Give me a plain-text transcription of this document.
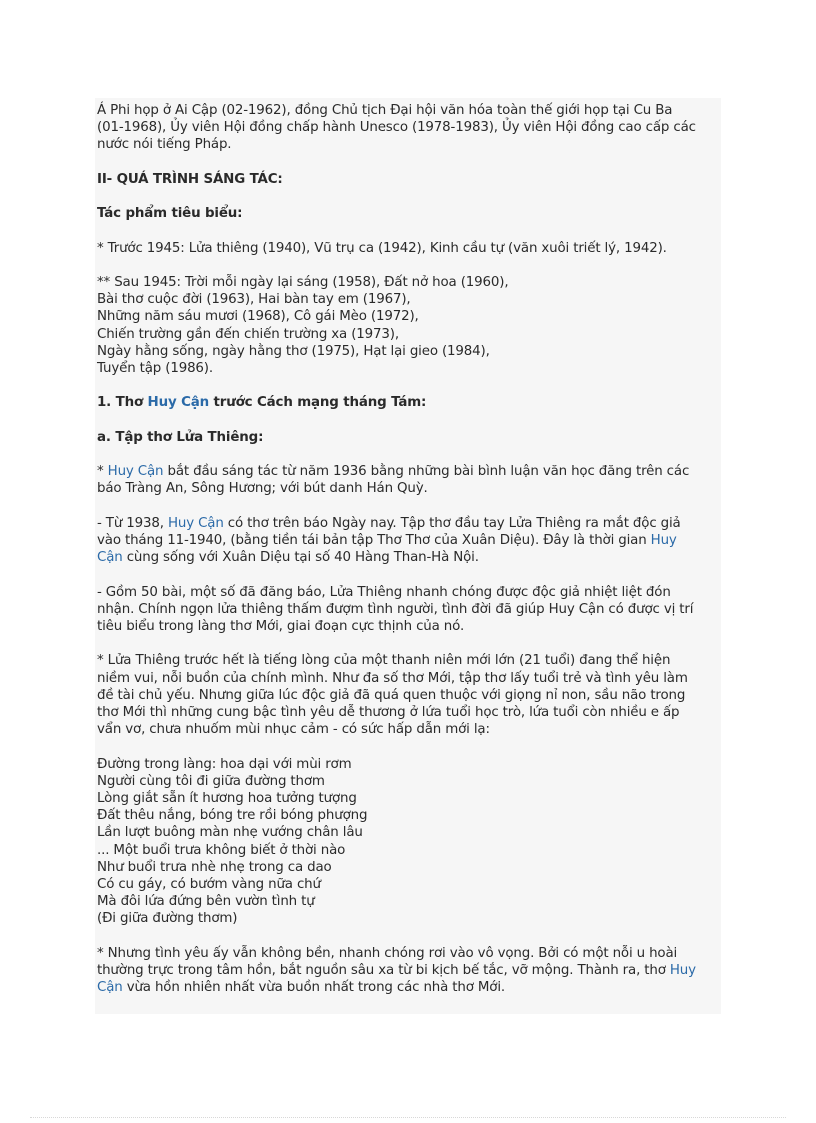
Á Phi họp ở Ai Cập (02-1962), đồng Chủ tịch Đại hội văn hóa toàn thế giới họp tại Cu Ba
(01-1968), Ủy viên Hội đồng chấp hành Unesco (1978-1983), Ủy viên Hội đồng cao cấp các
nước nói tiếng Pháp.

II- QUÁ TRÌNH SÁNG TÁC:

Tác phẩm tiêu biểu:

* Trước 1945: Lửa thiêng (1940), Vũ trụ ca (1942), Kinh cầu tự (văn xuôi triết lý, 1942).

** Sau 1945: Trời mỗi ngày lại sáng (1958), Đất nở hoa (1960),
Bài thơ cuộc đời (1963), Hai bàn tay em (1967),
Những năm sáu mươi (1968), Cô gái Mèo (1972),
Chiến trường gần đến chiến trường xa (1973),
Ngày hằng sống, ngày hằng thơ (1975), Hạt lại gieo (1984),
Tuyển tập (1986).

1. Thơ Huy Cận trước Cách mạng tháng Tám:

a. Tập thơ Lửa Thiêng:

* Huy Cận bắt đầu sáng tác từ năm 1936 bằng những bài bình luận văn học đăng trên các
báo Tràng An, Sông Hương; với bút danh Hán Quỳ.

- Từ 1938, Huy Cận có thơ trên báo Ngày nay. Tập thơ đầu tay Lửa Thiêng ra mắt độc giả
vào tháng 11-1940, (bằng tiền tái bản tập Thơ Thơ của Xuân Diệu). Đây là thời gian Huy
Cận cùng sống với Xuân Diệu tại số 40 Hàng Than-Hà Nội.

- Gồm 50 bài, một số đã đăng báo, Lửa Thiêng nhanh chóng được độc giả nhiệt liệt đón
nhận. Chính ngọn lửa thiêng thấm đượm tình người, tình đời đã giúp Huy Cận có được vị trí
tiêu biểu trong làng thơ Mới, giai đoạn cực thịnh của nó.

* Lửa Thiêng trước hết là tiếng lòng của một thanh niên mới lớn (21 tuổi) đang thể hiện
niềm vui, nỗi buồn của chính mình. Như đa số thơ Mới, tập thơ lấy tuổi trẻ và tình yêu làm
đề tài chủ yếu. Nhưng giữa lúc độc giả đã quá quen thuộc với giọng nỉ non, sầu não trong
thơ Mới thì những cung bậc tình yêu dễ thương ở lứa tuổi học trò, lứa tuổi còn nhiều e ấp
vẩn vơ, chưa nhuốm mùi nhục cảm - có sức hấp dẫn mới lạ:

Đường trong làng: hoa dại với mùi rơm
Người cùng tôi đi giữa đường thơm
Lòng giắt sẵn ít hương hoa tưởng tượng
Đất thêu nắng, bóng tre rồi bóng phượng
Lần lượt buông màn nhẹ vướng chân lâu
... Một buổi trưa không biết ở thời nào
Như buổi trưa nhè nhẹ trong ca dao
Có cu gáy, có bướm vàng nữa chứ
Mà đôi lứa đứng bên vườn tình tự
(Đi giữa đường thơm)

* Nhưng tình yêu ấy vẫn không bền, nhanh chóng rơi vào vô vọng. Bởi có một nỗi u hoài
thường trực trong tâm hồn, bắt nguồn sâu xa từ bi kịch bế tắc, vỡ mộng. Thành ra, thơ Huy
Cận vừa hồn nhiên nhất vừa buồn nhất trong các nhà thơ Mới.
